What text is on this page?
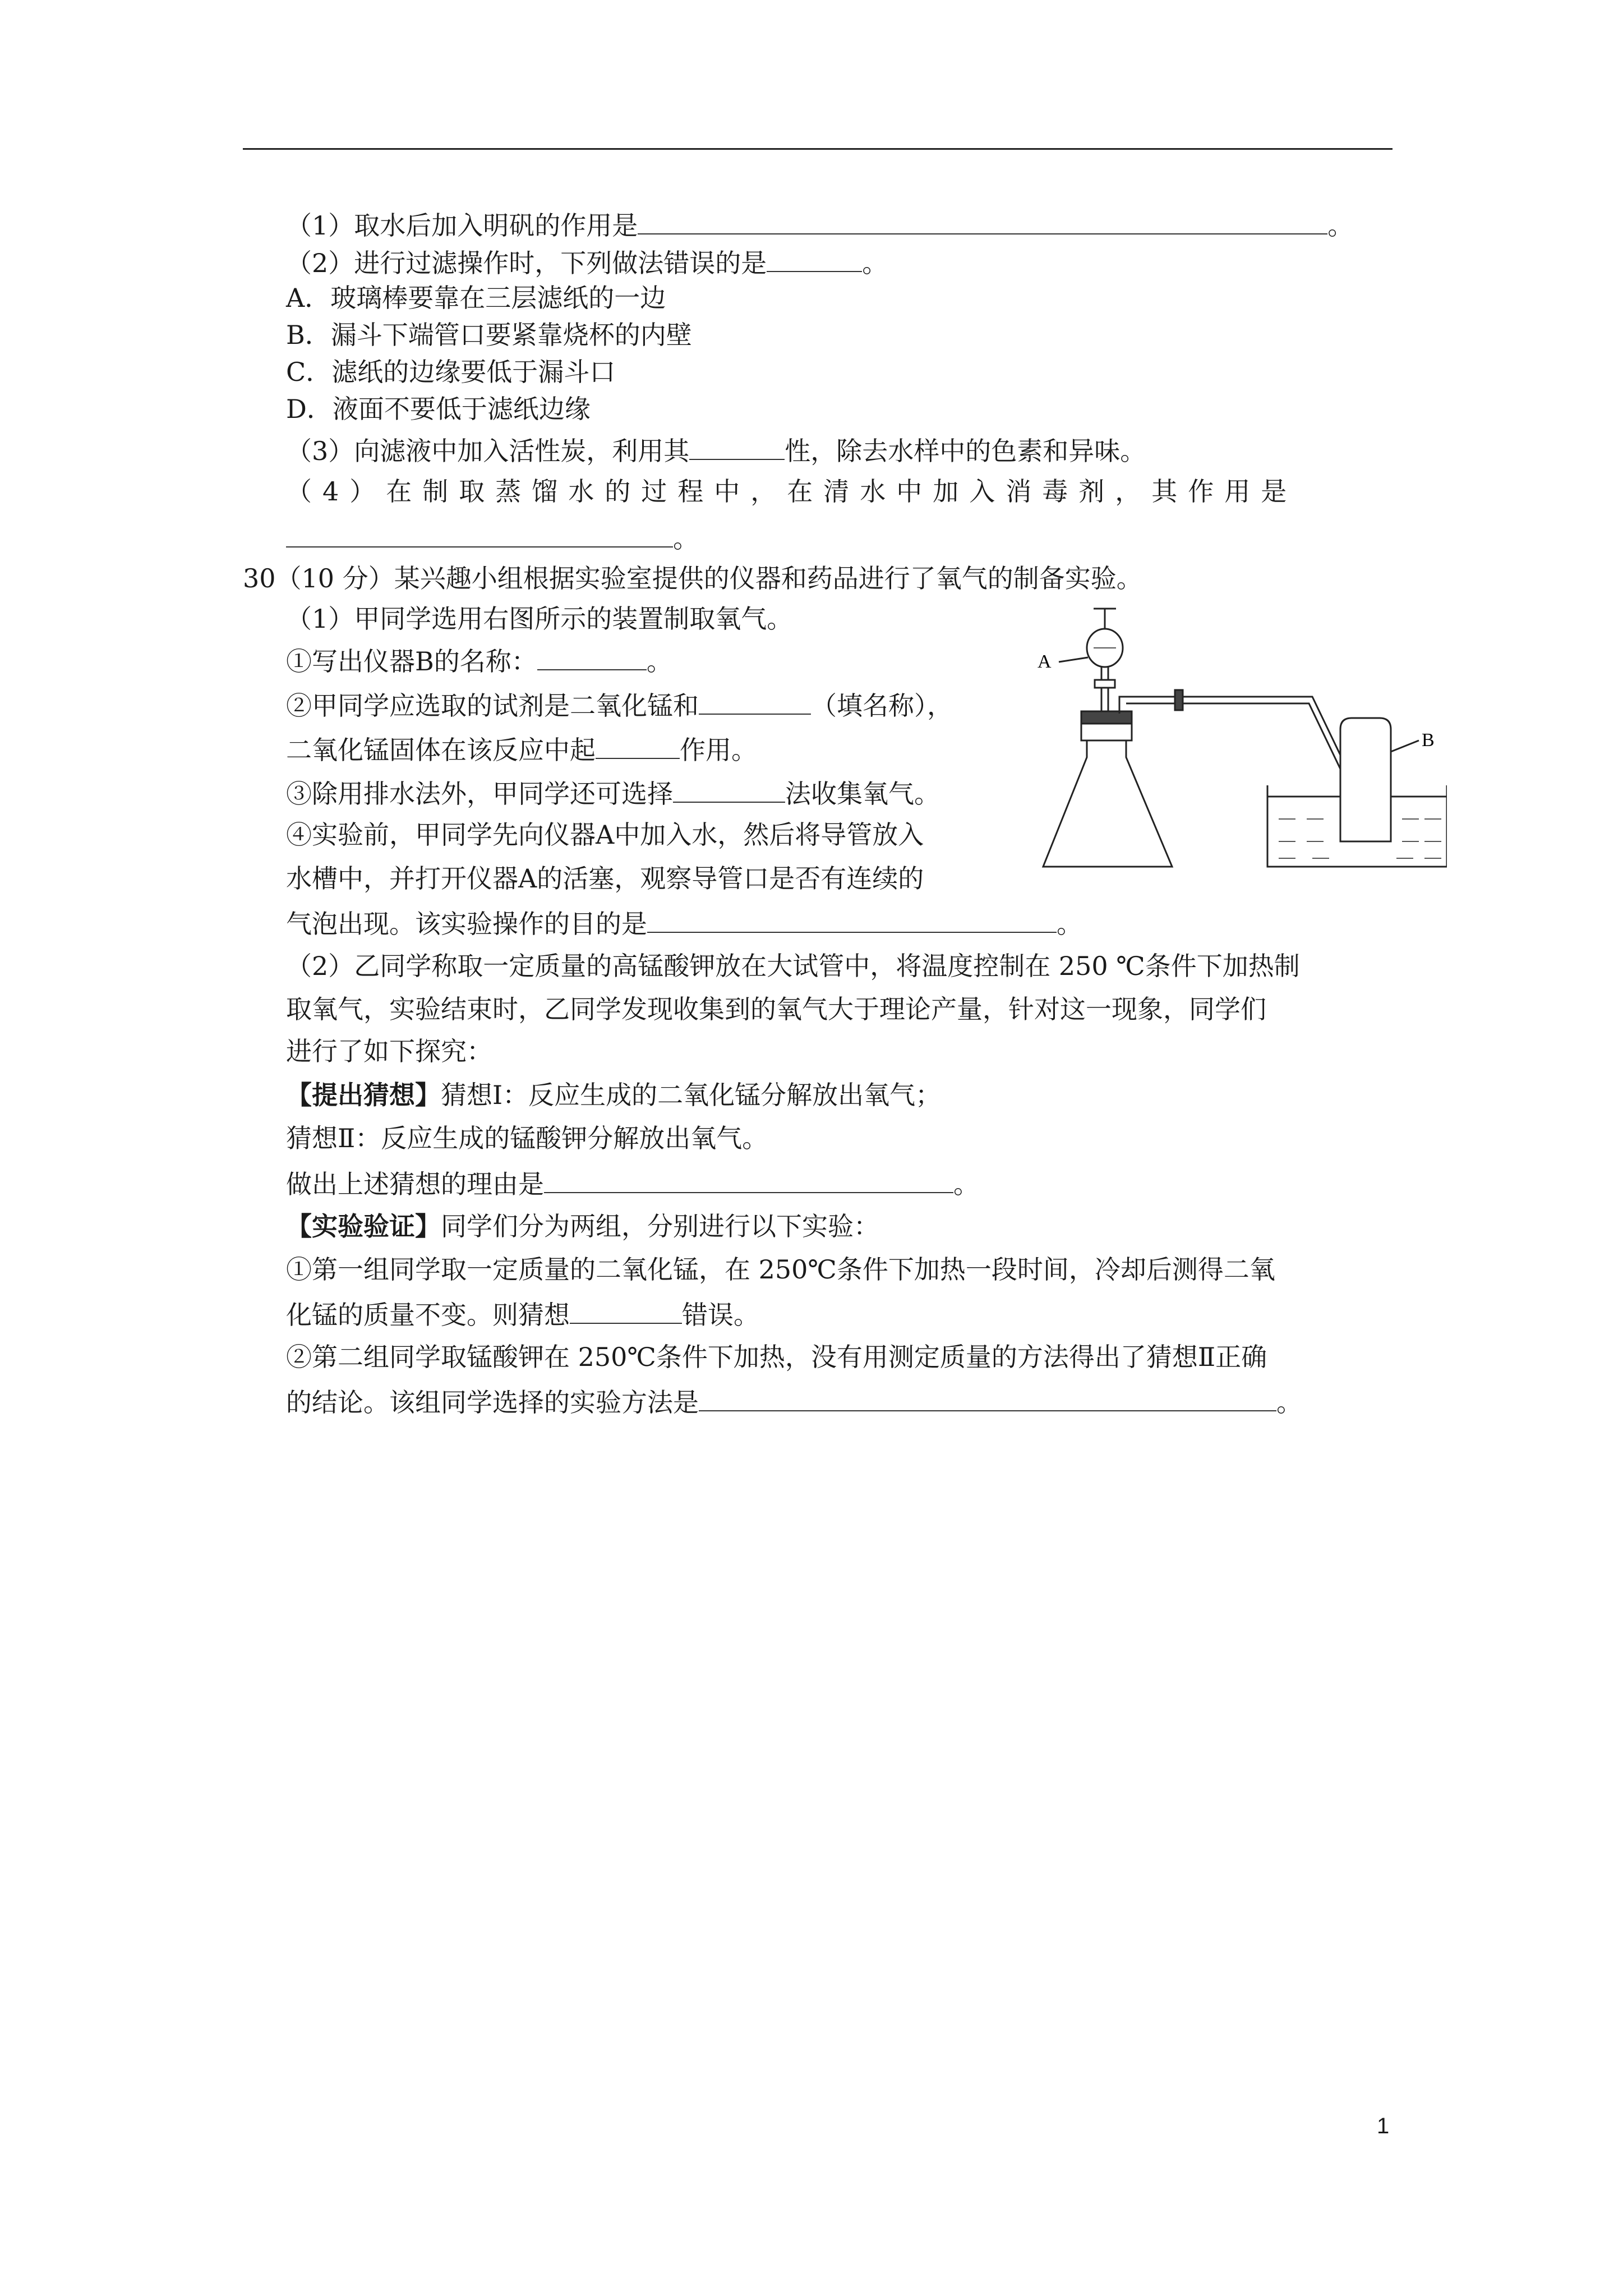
（1）取水后加入明矾的作用是	。
（2）进行过滤操作时，下列做法错误的是	。
A．玻璃棒要靠在三层滤纸的一边
B．漏斗下端管口要紧靠烧杯的内壁
C．滤纸的边缘要低于漏斗口
D．液面不要低于滤纸边缘
（3）向滤液中加入活性炭，利用其	性，除去水样中的色素和异味。
（4）在制取蒸馏水的过程中，在清水中加入消毒剂，其作用是
。
30（10 分）某兴趣小组根据实验室提供的仪器和药品进行了氧气的制备实验。
（1）甲同学选用右图所示的装置制取氧气。
①写出仪器B的名称：	。
②甲同学应选取的试剂是二氧化锰和	（填名称），
二氧化锰固体在该反应中起	作用。
③除用排水法外，甲同学还可选择	法收集氧气。
④实验前，甲同学先向仪器A中加入水，然后将导管放入
水槽中，并打开仪器A的活塞，观察导管口是否有连续的
气泡出现。该实验操作的目的是	。
A
B
（2）乙同学称取一定质量的高锰酸钾放在大试管中，将温度控制在 250 ℃条件下加热制
取氧气，实验结束时，乙同学发现收集到的氧气大于理论产量，针对这一现象，同学们
进行了如下探究：
【提出猜想】猜想Ⅰ：反应生成的二氧化锰分解放出氧气；
猜想Ⅱ：反应生成的锰酸钾分解放出氧气。
做出上述猜想的理由是	。
【实验验证】同学们分为两组，分别进行以下实验：
①第一组同学取一定质量的二氧化锰，在 250℃条件下加热一段时间，冷却后测得二氧
化锰的质量不变。则猜想	错误。
②第二组同学取锰酸钾在 250℃条件下加热，没有用测定质量的方法得出了猜想Ⅱ正确
的结论。该组同学选择的实验方法是	。
1
